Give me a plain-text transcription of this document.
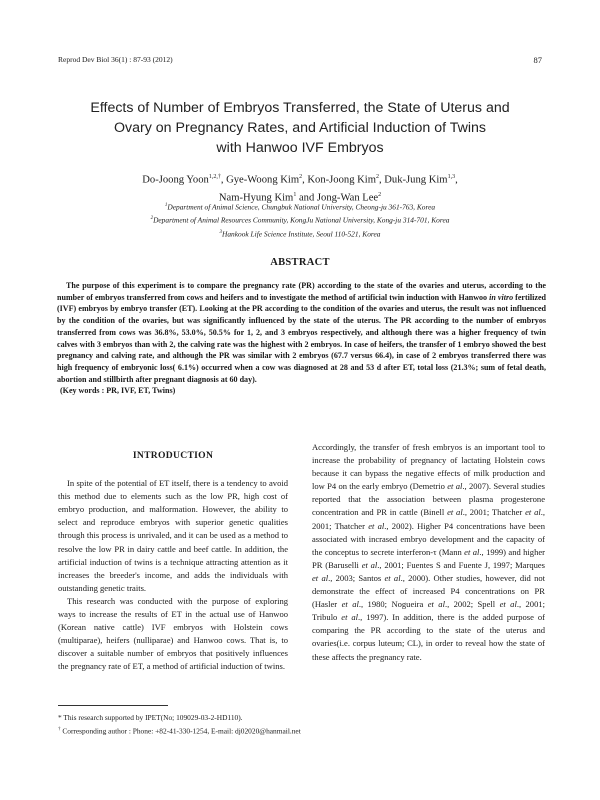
Reprod Dev Biol 36(1) : 87-93 (2012)	87
Effects of Number of Embryos Transferred, the State of Uterus and
Ovary on Pregnancy Rates, and Artificial Induction of Twins
with Hanwoo IVF Embryos
Do-Joong Yoon$^{1,2,\dagger}$, Gye-Woong Kim$^2$, Kon-Joong Kim$^2$, Duk-Jung Kim$^{1,3}$,
Nam-Hyung Kim$^1$ and Jong-Wan Lee$^2$
$^1$Department of Animal Science, Chungbuk National University, Cheong-ju 361-763, Korea
$^2$Department of Animal Resources Community, KongJu National University, Kong-ju 314-701, Korea
$^3$Hankook Life Science Institute, Seoul 110-521, Korea
ABSTRACT

The purpose of this experiment is to compare the pregnancy rate (PR) according to the state of the ovaries and uterus, according to the number of embryos transferred from cows and heifers and to investigate the method of artificial twin induction with Hanwoo in vitro fertilized (IVF) embryos by embryo transfer (ET). Looking at the PR according to the condition of the ovaries and uterus, the result was not influenced by the condition of the ovaries, but was significantly influenced by the state of the uterus. The PR according to the number of embryos transferred from cows was 36.8%, 53.0%, 50.5% for 1, 2, and 3 embryos respectively, and although there was a higher frequency of twin calves with 3 embryos than with 2, the calving rate was the highest with 2 embryos. In case of heifers, the transfer of 1 embryo showed the best pregnancy and calving rate, and although the PR was similar with 2 embryos (67.7 versus 66.4), in case of 2 embryos transferred there was high frequency of embryonic loss( 6.1%) occurred when a cow was diagnosed at 28 and 53 d after ET, total loss (21.3%; sum of fetal death, abortion and stillbirth after pregnant diagnosis at 60 day).

(Key words : PR, IVF, ET, Twins)

INTRODUCTION

In spite of the potential of ET itself, there is a tendency to avoid this method due to elements such as the low PR, high cost of embryo production, and malformation. However, the ability to select and reproduce embryos with superior genetic qualities through this process is unrivaled, and it can be used as a method to resolve the low PR in dairy cattle and beef cattle. In addition, the artificial induction of twins is a technique attracting attention as it increases the breeder's income, and adds the individuals with outstanding genetic traits.

This research was conducted with the purpose of exploring ways to increase the results of ET in the actual use of Hanwoo (Korean native cattle) IVF embryos with Holstein cows (multiparae), heifers (nulliparae) and Hanwoo cows. That is, to discover a suitable number of embryos that positively influences the pregnancy rate of ET, a method of artificial induction of twins.

Accordingly, the transfer of fresh embryos is an important tool to increase the probability of pregnancy of lactating Holstein cows because it can bypass the negative effects of milk production and low P4 on the early embryo (Demetrio et al., 2007). Several studies reported that the association between plasma progesterone concentration and PR in cattle (Binell et al., 2001; Thatcher et al., 2001; Thatcher et al., 2002). Higher P4 concentrations have been associated with incrased embryo development and the capacity of the conceptus to secrete interferon-τ (Mann et al., 1999) and higher PR (Baruselli et al., 2001; Fuentes S and Fuente J, 1997; Marques et al., 2003; Santos et al., 2000). Other studies, however, did not demonstrate the effect of increased P4 concentrations on PR (Hasler et al., 1980; Nogueira et al., 2002; Spell et al., 2001; Tribulo et al., 1997). In addition, there is the added purpose of comparing the PR according to the state of the uterus and ovaries(i.e. corpus luteum; CL), in order to reveal how the state of these affects the pregnancy rate.

* This research supported by IPET(No; 109029-03-2-HD110).
† Corresponding author : Phone: +82-41-330-1254, E-mail: dj02020@hanmail.net
